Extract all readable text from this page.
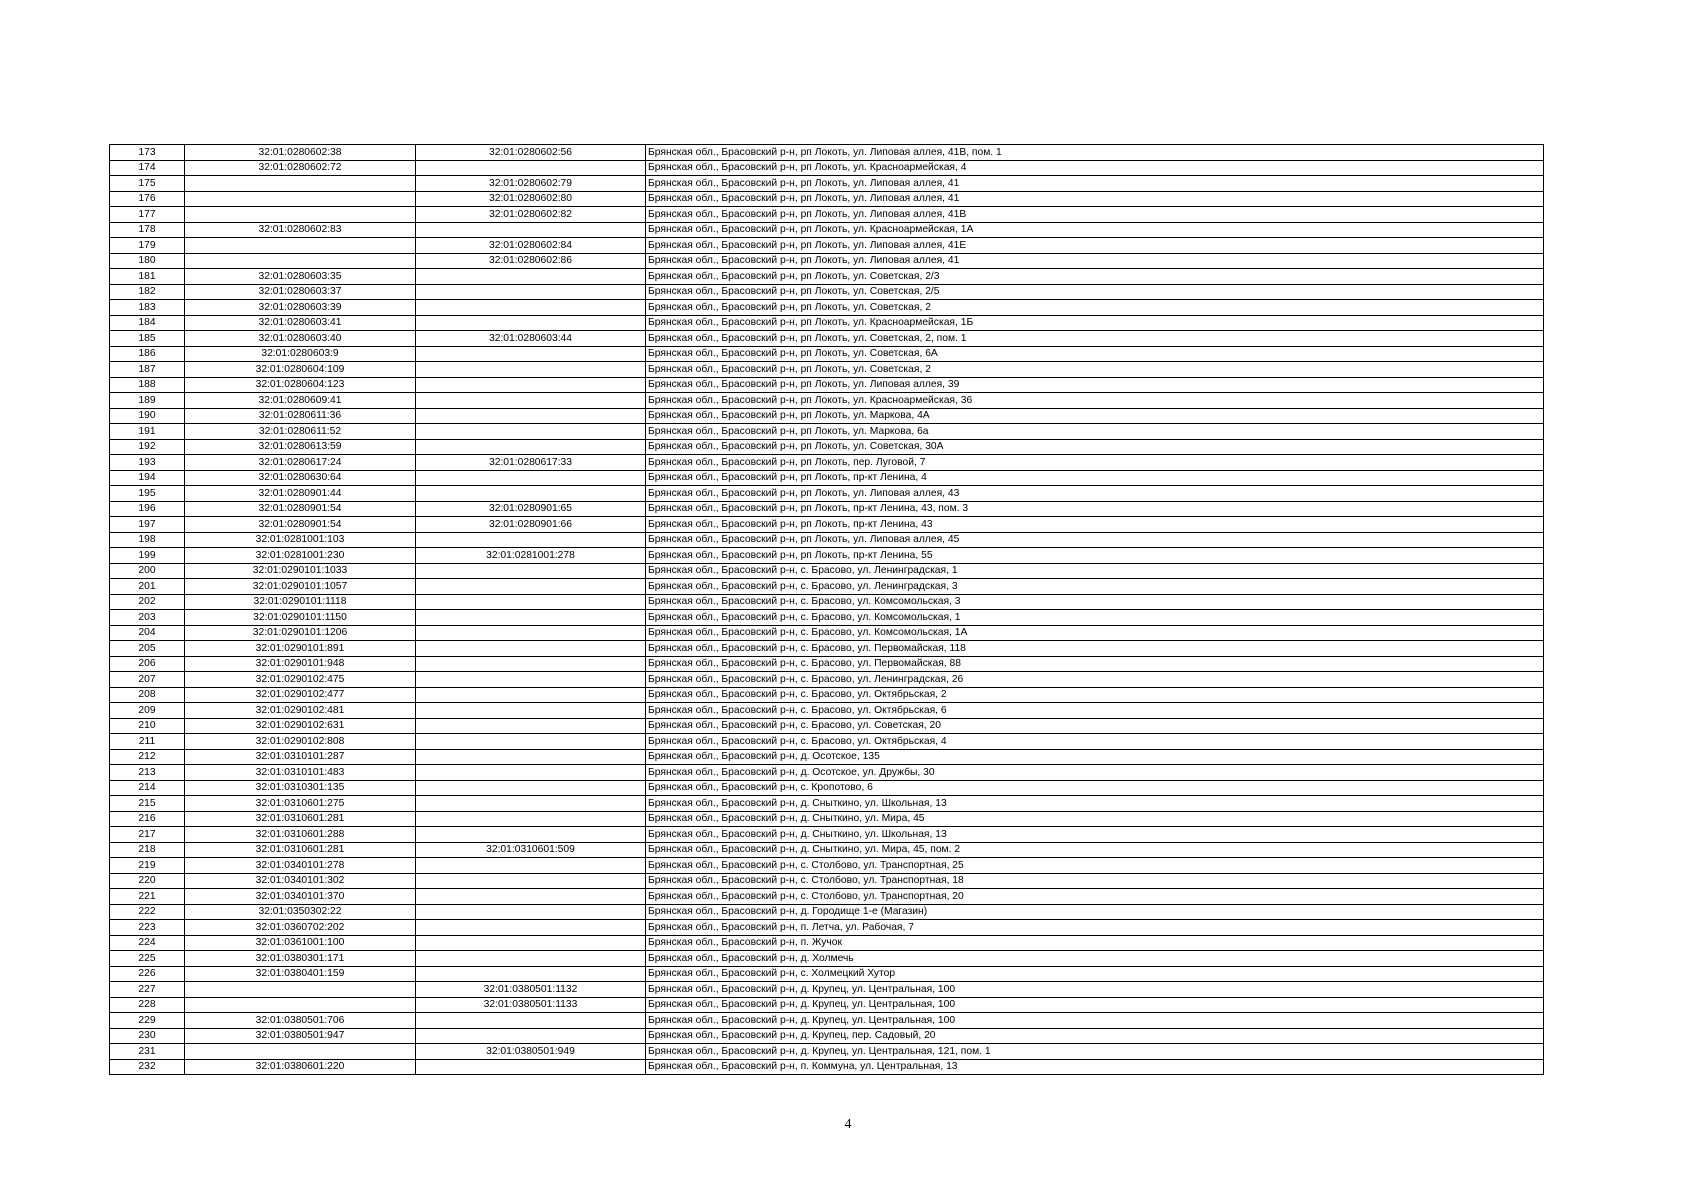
173	32:01:0280602:38	32:01:0280602:56	Брянская обл., Брасовский р-н, рп Локоть, ул. Липовая аллея, 41В, пом. 1
174	32:01:0280602:72		Брянская обл., Брасовский р-н, рп Локоть, ул. Красноармейская, 4
175		32:01:0280602:79	Брянская обл., Брасовский р-н, рп Локоть, ул. Липовая аллея, 41
176		32:01:0280602:80	Брянская обл., Брасовский р-н, рп Локоть, ул. Липовая аллея, 41
177		32:01:0280602:82	Брянская обл., Брасовский р-н, рп Локоть, ул. Липовая аллея, 41В
178	32:01:0280602:83		Брянская обл., Брасовский р-н, рп Локоть, ул. Красноармейская, 1А
179		32:01:0280602:84	Брянская обл., Брасовский р-н, рп Локоть, ул. Липовая аллея, 41Е
180		32:01:0280602:86	Брянская обл., Брасовский р-н, рп Локоть, ул. Липовая аллея, 41
181	32:01:0280603:35		Брянская обл., Брасовский р-н, рп Локоть, ул. Советская, 2/3
182	32:01:0280603:37		Брянская обл., Брасовский р-н, рп Локоть, ул. Советская, 2/5
183	32:01:0280603:39		Брянская обл., Брасовский р-н, рп Локоть, ул. Советская, 2
184	32:01:0280603:41		Брянская обл., Брасовский р-н, рп Локоть, ул. Красноармейская, 1Б
185	32:01:0280603:40	32:01:0280603:44	Брянская обл., Брасовский р-н, рп Локоть, ул. Советская, 2, пом. 1
186	32:01:0280603:9		Брянская обл., Брасовский р-н, рп Локоть, ул. Советская, 6А
187	32:01:0280604:109		Брянская обл., Брасовский р-н, рп Локоть, ул. Советская, 2
188	32:01:0280604:123		Брянская обл., Брасовский р-н, рп Локоть, ул. Липовая аллея, 39
189	32:01:0280609:41		Брянская обл., Брасовский р-н, рп Локоть, ул. Красноармейская, 36
190	32:01:0280611:36		Брянская обл., Брасовский р-н, рп Локоть, ул. Маркова, 4А
191	32:01:0280611:52		Брянская обл., Брасовский р-н, рп Локоть, ул. Маркова, 6а
192	32:01:0280613:59		Брянская обл., Брасовский р-н, рп Локоть, ул. Советская, 30А
193	32:01:0280617:24	32:01:0280617:33	Брянская обл., Брасовский р-н, рп Локоть, пер. Луговой, 7
194	32:01:0280630:64		Брянская обл., Брасовский р-н, рп Локоть, пр-кт Ленина, 4
195	32:01:0280901:44		Брянская обл., Брасовский р-н, рп Локоть, ул. Липовая аллея, 43
196	32:01:0280901:54	32:01:0280901:65	Брянская обл., Брасовский р-н, рп Локоть, пр-кт Ленина, 43, пом. 3
197	32:01:0280901:54	32:01:0280901:66	Брянская обл., Брасовский р-н, рп Локоть, пр-кт Ленина, 43
198	32:01:0281001:103		Брянская обл., Брасовский р-н, рп Локоть, ул. Липовая аллея, 45
199	32:01:0281001:230	32:01:0281001:278	Брянская обл., Брасовский р-н, рп Локоть, пр-кт Ленина, 55
200	32:01:0290101:1033		Брянская обл., Брасовский р-н, с. Брасово, ул. Ленинградская, 1
201	32:01:0290101:1057		Брянская обл., Брасовский р-н, с. Брасово, ул. Ленинградская, 3
202	32:01:0290101:1118		Брянская обл., Брасовский р-н, с. Брасово, ул. Комсомольская, 3
203	32:01:0290101:1150		Брянская обл., Брасовский р-н, с. Брасово, ул. Комсомольская, 1
204	32:01:0290101:1206		Брянская обл., Брасовский р-н, с. Брасово, ул. Комсомольская, 1А
205	32:01:0290101:891		Брянская обл., Брасовский р-н, с. Брасово, ул. Первомайская, 118
206	32:01:0290101:948		Брянская обл., Брасовский р-н, с. Брасово, ул. Первомайская, 88
207	32:01:0290102:475		Брянская обл., Брасовский р-н, с. Брасово, ул. Ленинградская, 26
208	32:01:0290102:477		Брянская обл., Брасовский р-н, с. Брасово, ул. Октябрьская, 2
209	32:01:0290102:481		Брянская обл., Брасовский р-н, с. Брасово, ул. Октябрьская, 6
210	32:01:0290102:631		Брянская обл., Брасовский р-н, с. Брасово, ул. Советская, 20
211	32:01:0290102:808		Брянская обл., Брасовский р-н, с. Брасово, ул. Октябрьская, 4
212	32:01:0310101:287		Брянская обл., Брасовский р-н, д. Осотское, 135
213	32:01:0310101:483		Брянская обл., Брасовский р-н, д. Осотское, ул. Дружбы, 30
214	32:01:0310301:135		Брянская обл., Брасовский р-н, с. Кропотово, 6
215	32:01:0310601:275		Брянская обл., Брасовский р-н, д. Сныткино, ул. Школьная, 13
216	32:01:0310601:281		Брянская обл., Брасовский р-н, д. Сныткино, ул. Мира, 45
217	32:01:0310601:288		Брянская обл., Брасовский р-н, д. Сныткино, ул. Школьная, 13
218	32:01:0310601:281	32:01:0310601:509	Брянская обл., Брасовский р-н, д. Сныткино, ул. Мира, 45, пом. 2
219	32:01:0340101:278		Брянская обл., Брасовский р-н, с. Столбово, ул. Транспортная, 25
220	32:01:0340101:302		Брянская обл., Брасовский р-н, с. Столбово, ул. Транспортная, 18
221	32:01:0340101:370		Брянская обл., Брасовский р-н, с. Столбово, ул. Транспортная, 20
222	32:01:0350302:22		Брянская обл., Брасовский р-н, д. Городище 1-е (Магазин)
223	32:01:0360702:202		Брянская обл., Брасовский р-н, п. Летча, ул. Рабочая, 7
224	32:01:0361001:100		Брянская обл., Брасовский р-н, п. Жучок
225	32:01:0380301:171		Брянская обл., Брасовский р-н, д. Холмечь
226	32:01:0380401:159		Брянская обл., Брасовский р-н, с. Холмецкий Хутор
227		32:01:0380501:1132	Брянская обл., Брасовский р-н, д. Крупец, ул. Центральная, 100
228		32:01:0380501:1133	Брянская обл., Брасовский р-н, д. Крупец, ул. Центральная, 100
229	32:01:0380501:706		Брянская обл., Брасовский р-н, д. Крупец, ул. Центральная, 100
230	32:01:0380501:947		Брянская обл., Брасовский р-н, д. Крупец, пер. Садовый, 20
231		32:01:0380501:949	Брянская обл., Брасовский р-н, д. Крупец, ул. Центральная, 121, пом. 1
232	32:01:0380601:220		Брянская обл., Брасовский р-н, п. Коммуна, ул. Центральная, 13
4
